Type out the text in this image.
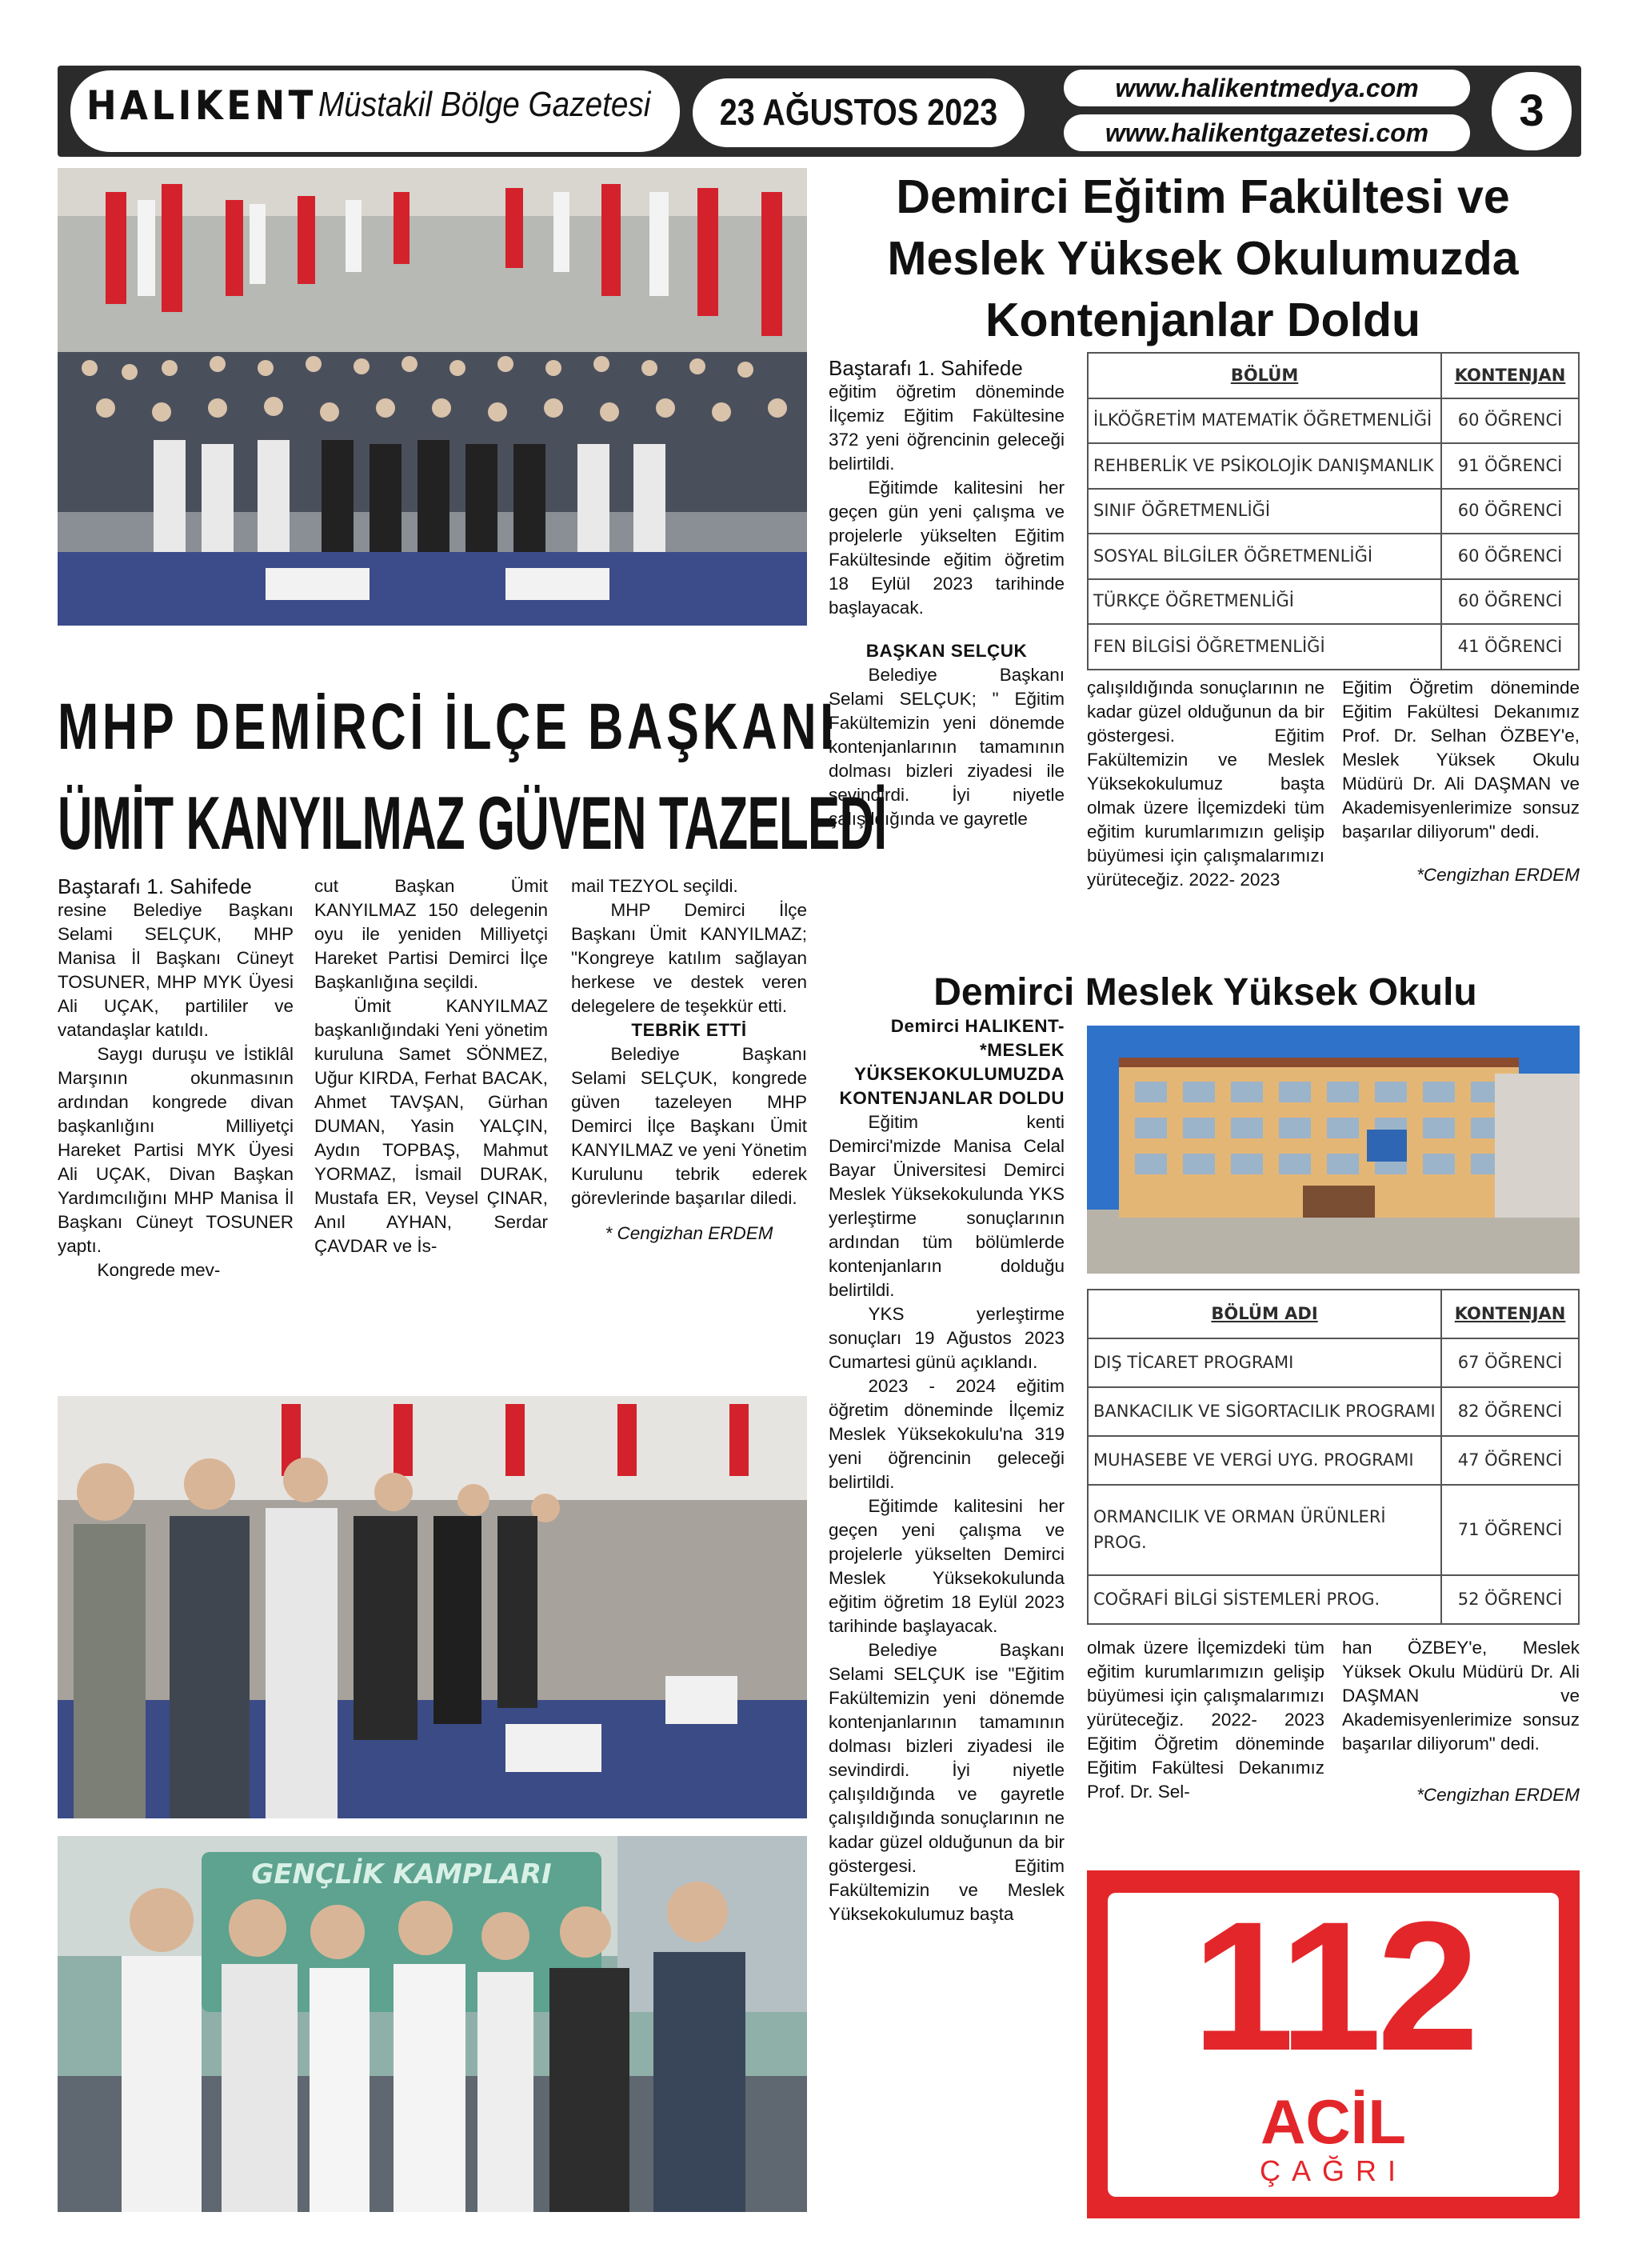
HALIKENT Müstakil Bölge Gazetesi 23 AĞUSTOS 2023
www.halikentmedya.com
www.halikentgazetesi.com	3
MHP DEMİRCİ İLÇE BAŞKANI
ÜMİT KANYILMAZ GÜVEN TAZELEDİ

Baştarafı 1. Sahifede

resine Belediye Başkanı Selami SELÇUK, MHP Manisa İl Başkanı Cüneyt TOSUNER, MHP MYK Üyesi Ali UÇAK, partililer ve vatandaşlar katıldı.

Saygı duruşu ve İstiklâl Marşının okunmasının ardından kongrede divan başkanlığını Milliyetçi Hareket Partisi MYK Üyesi Ali UÇAK, Divan Başkan Yardımcılığını MHP Manisa İl Başkanı Cüneyt TOSUNER yaptı.

Kongrede mev-

cut Başkan Ümit KANYILMAZ 150 delegenin oyu ile yeniden Milliyetçi Hareket Partisi Demirci İlçe Başkanlığına seçildi.

Ümit KANYILMAZ başkanlığındaki Yeni yönetim kuruluna Samet SÖNMEZ, Uğur KIRDA, Ferhat BACAK, Ahmet TAVŞAN, Gürhan DUMAN, Yasin YALÇIN, Aydın TOPBAŞ, Mahmut YORMAZ, İsmail DURAK, Mustafa ER, Veysel ÇINAR, Anıl AYHAN, Serdar ÇAVDAR ve İs-

mail TEZYOL seçildi.

MHP Demirci İlçe Başkanı Ümit KANYILMAZ; "Kongreye katılım sağlayan herkese ve destek veren delegelere de teşekkür etti.

TEBRİK ETTİ

Belediye Başkanı Selami SELÇUK, kongrede güven tazeleyen MHP Demirci İlçe Başkanı Ümit KANYILMAZ ve yeni Yönetim Kurulunu tebrik ederek görevlerinde başarılar diledi.

* Cengizhan ERDEM

GENÇLİK KAMPLARI
Demirci Eğitim Fakültesi ve Meslek Yüksek Okulumuzda Kontenjanlar Doldu

Baştarafı 1. Sahifede

eğitim öğretim döneminde İlçemiz Eğitim Fakültesine 372 yeni öğrencinin geleceği belirtildi.

Eğitimde kalitesini her geçen gün yeni çalışma ve projelerle yükselten Eğitim Fakültesinde eğitim öğretim 18 Eylül 2023 tarihinde başlayacak.

BAŞKAN SELÇUK

Belediye Başkanı Selami SELÇUK; " Eğitim Fakültemizin yeni dönemde kontenjanlarının tamamının dolması bizleri ziyadesi ile sevindirdi. İyi niyetle çalışıldığında ve gayretle

BÖLÜM	KONTENJAN
İLKÖĞRETİM MATEMATİK ÖĞRETMENLİĞİ	60 ÖĞRENCİ
REHBERLİK VE PSİKOLOJİK DANIŞMANLIK	91 ÖĞRENCİ
SINIF ÖĞRETMENLİĞİ	60 ÖĞRENCİ
SOSYAL BİLGİLER ÖĞRETMENLİĞİ	60 ÖĞRENCİ
TÜRKÇE ÖĞRETMENLİĞİ	60 ÖĞRENCİ
FEN BİLGİSİ ÖĞRETMENLİĞİ	41 ÖĞRENCİ

çalışıldığında sonuçlarının ne kadar güzel olduğunun da bir göstergesi. Eğitim Fakültemizin ve Meslek Yüksekokulumuz başta olmak üzere İlçemizdeki tüm eğitim kurumlarımızın gelişip büyümesi için çalışmalarımızı yürüteceğiz. 2022- 2023

Eğitim Öğretim döneminde Eğitim Fakültesi Dekanımız Prof. Dr. Selhan ÖZBEY'e, Meslek Yüksek Okulu Müdürü Dr. Ali DAŞMAN ve Akademisyenlerimize sonsuz başarılar diliyorum" dedi.

*Cengizhan ERDEM

Demirci Meslek Yüksek Okulu

Demirci HALIKENT- *MESLEK YÜKSEKOKULUMUZDA KONTENJANLAR DOLDU

Eğitim kenti Demirci'mizde Manisa Celal Bayar Üniversitesi Demirci Meslek Yüksekokulunda YKS yerleştirme sonuçlarının ardından tüm bölümlerde kontenjanların dolduğu belirtildi.

YKS yerleştirme sonuçları 19 Ağustos 2023 Cumartesi günü açıklandı.

2023 - 2024 eğitim öğretim döneminde İlçemiz Meslek Yüksekokulu'na 319 yeni öğrencinin geleceği belirtildi.

Eğitimde kalitesini her geçen yeni çalışma ve projelerle yükselten Demirci Meslek Yüksekokulunda eğitim öğretim 18 Eylül 2023 tarihinde başlayacak.

Belediye Başkanı Selami SELÇUK ise "Eğitim Fakültemizin yeni dönemde kontenjanlarının tamamının dolması bizleri ziyadesi ile sevindirdi. İyi niyetle çalışıldığında ve gayretle çalışıldığında sonuçlarının ne kadar güzel olduğunun da bir göstergesi. Eğitim Fakültemizin ve Meslek Yüksekokulumuz başta

BÖLÜM ADI	KONTENJAN
DIŞ TİCARET PROGRAMI	67 ÖĞRENCİ
BANKACILIK VE SİGORTACILIK PROGRAMI	82 ÖĞRENCİ
MUHASEBE VE VERGİ UYG. PROGRAMI	47 ÖĞRENCİ
ORMANCILIK VE ORMAN ÜRÜNLERİ PROG.	71 ÖĞRENCİ
COĞRAFİ BİLGİ SİSTEMLERİ PROG.	52 ÖĞRENCİ

olmak üzere İlçemizdeki tüm eğitim kurumlarımızın gelişip büyümesi için çalışmalarımızı yürüteceğiz. 2022- 2023 Eğitim Öğretim döneminde Eğitim Fakültesi Dekanımız Prof. Dr. Sel-

han ÖZBEY'e, Meslek Yüksek Okulu Müdürü Dr. Ali DAŞMAN ve Akademisyenlerimize sonsuz başarılar diliyorum" dedi.

*Cengizhan ERDEM

112
ACİL
ÇAĞRI
